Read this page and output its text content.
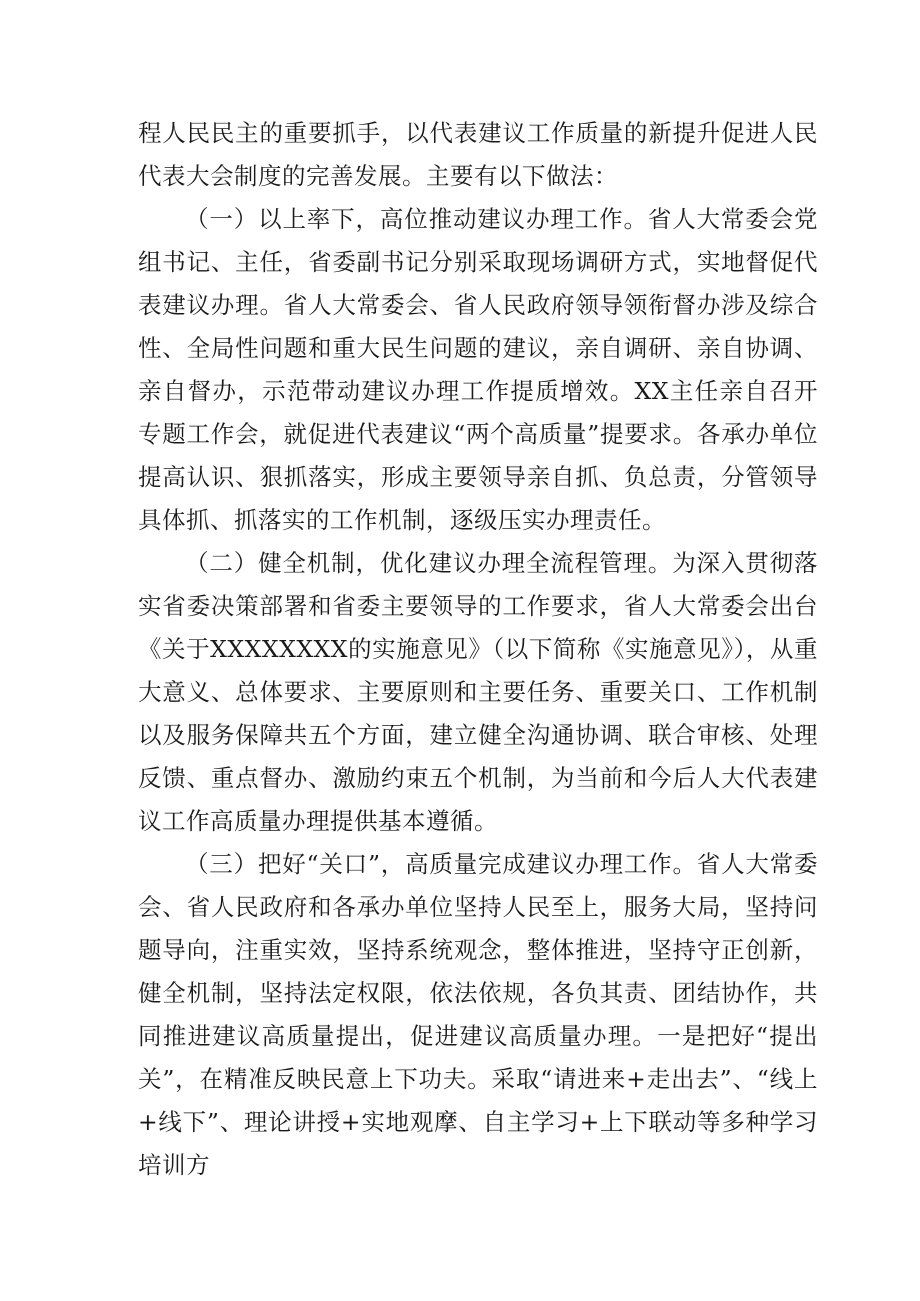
程人民民主的重要抓手，以代表建议工作质量的新提升促进人民代表大会制度的完善发展。主要有以下做法：

（一）以上率下，高位推动建议办理工作。省人大常委会党组书记、主任，省委副书记分别采取现场调研方式，实地督促代表建议办理。省人大常委会、省人民政府领导领衔督办涉及综合性、全局性问题和重大民生问题的建议，亲自调研、亲自协调、亲自督办，示范带动建议办理工作提质增效。XX主任亲自召开专题工作会，就促进代表建议“两个高质量”提要求。各承办单位提高认识、狠抓落实，形成主要领导亲自抓、负总责，分管领导具体抓、抓落实的工作机制，逐级压实办理责任。

（二）健全机制，优化建议办理全流程管理。为深入贯彻落实省委决策部署和省委主要领导的工作要求，省人大常委会出台《关于XXXXXXXX的实施意见》（以下简称《实施意见》），从重大意义、总体要求、主要原则和主要任务、重要关口、工作机制以及服务保障共五个方面，建立健全沟通协调、联合审核、处理反馈、重点督办、激励约束五个机制，为当前和今后人大代表建议工作高质量办理提供基本遵循。

（三）把好“关口”，高质量完成建议办理工作。省人大常委会、省人民政府和各承办单位坚持人民至上，服务大局，坚持问题导向，注重实效，坚持系统观念，整体推进，坚持守正创新，健全机制，坚持法定权限，依法依规，各负其责、团结协作，共同推进建议高质量提出，促进建议高质量办理。一是把好“提出关”，在精准反映民意上下功夫。采取“请进来+走出去”、“线上+线下”、理论讲授+实地观摩、自主学习+上下联动等多种学习培训方
